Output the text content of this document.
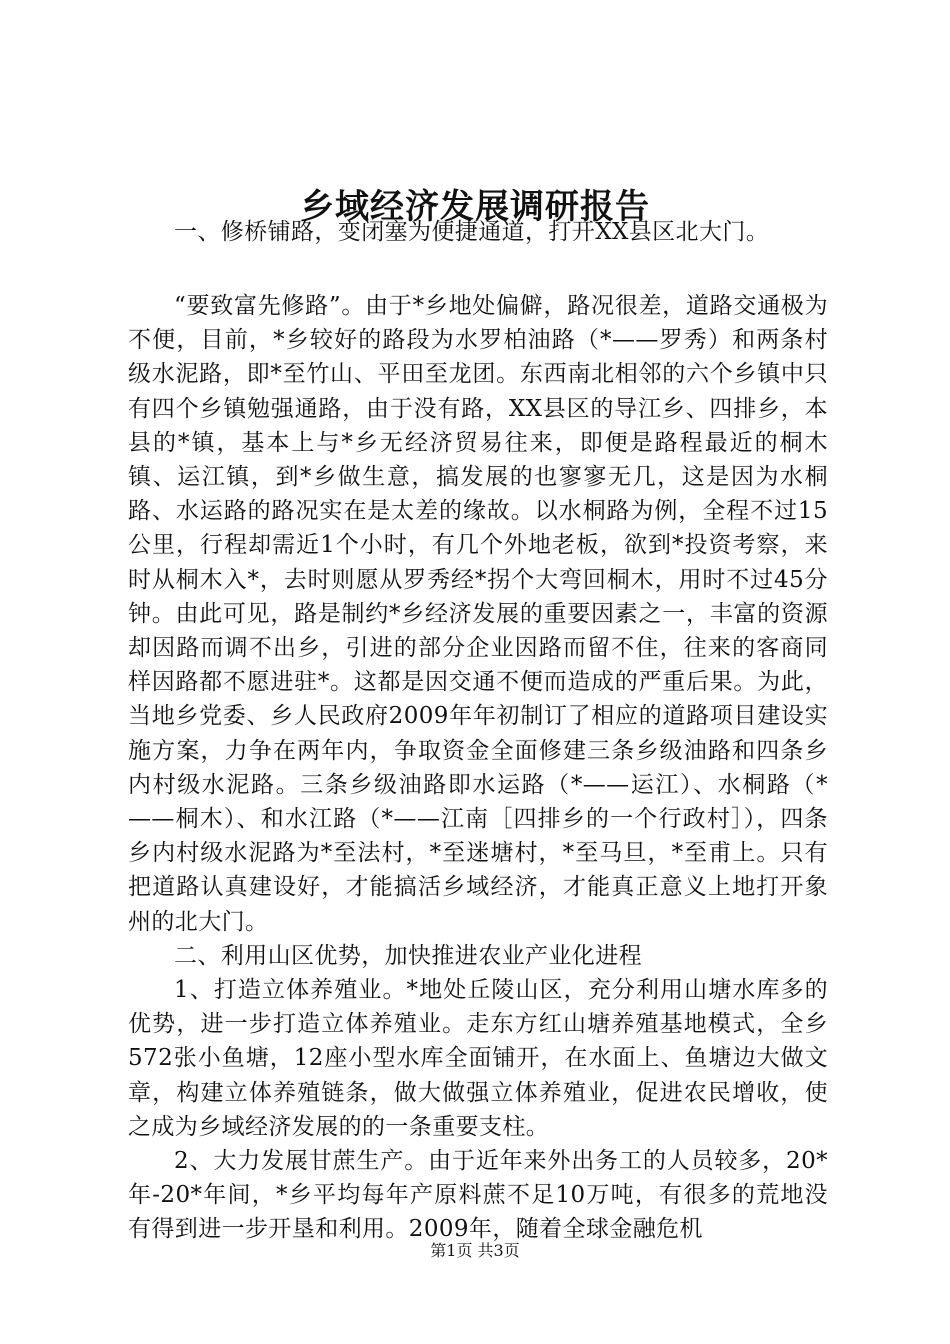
乡域经济发展调研报告

一、修桥铺路，变闭塞为便捷通道，打开XX县区北大门。

“要致富先修路”。由于*乡地处偏僻，路况很差，道路交通极为不便，目前，*乡较好的路段为水罗柏油路（*——罗秀）和两条村级水泥路，即*至竹山、平田至龙团。东西南北相邻的六个乡镇中只有四个乡镇勉强通路，由于没有路，XX县区的导江乡、四排乡，本县的*镇，基本上与*乡无经济贸易往来，即便是路程最近的桐木镇、运江镇，到*乡做生意，搞发展的也寥寥无几，这是因为水桐路、水运路的路况实在是太差的缘故。以水桐路为例，全程不过15公里，行程却需近1个小时，有几个外地老板，欲到*投资考察，来时从桐木入*，去时则愿从罗秀经*拐个大弯回桐木，用时不过45分钟。由此可见，路是制约*乡经济发展的重要因素之一，丰富的资源却因路而调不出乡，引进的部分企业因路而留不住，往来的客商同样因路都不愿进驻*。这都是因交通不便而造成的严重后果。为此，当地乡党委、乡人民政府2009年年初制订了相应的道路项目建设实施方案，力争在两年内，争取资金全面修建三条乡级油路和四条乡内村级水泥路。三条乡级油路即水运路（*——运江）、水桐路（*——桐木）、和水江路（*——江南［四排乡的一个行政村］），四条乡内村级水泥路为*至法村，*至迷塘村，*至马旦，*至甫上。只有把道路认真建设好，才能搞活乡域经济，才能真正意义上地打开象州的北大门。

二、利用山区优势，加快推进农业产业化进程

1、打造立体养殖业。*地处丘陵山区，充分利用山塘水库多的优势，进一步打造立体养殖业。走东方红山塘养殖基地模式，全乡572张小鱼塘，12座小型水库全面铺开，在水面上、鱼塘边大做文章，构建立体养殖链条，做大做强立体养殖业，促进农民增收，使之成为乡域经济发展的的一条重要支柱。

2、大力发展甘蔗生产。由于近年来外出务工的人员较多，20*年-20*年间，*乡平均每年产原料蔗不足10万吨，有很多的荒地没有得到进一步开垦和利用。2009年，随着全球金融危机

第1页 共3页
